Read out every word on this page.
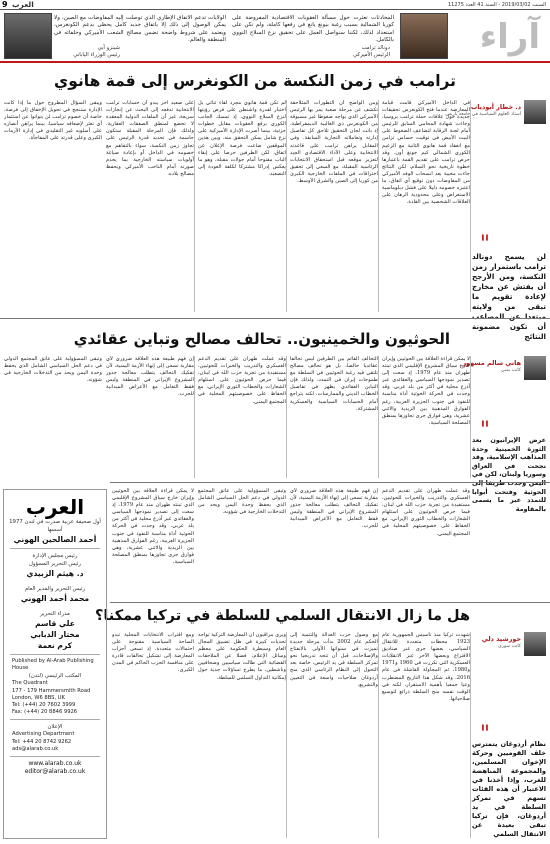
9 العرب	السبت 2019/03/02 - السنة 41 العدد 11275
الولايات تدعم الاتفاق الإطاري الذي توصلت إليه المفاوضات مع الصين، ولا يمكن الوصول إلى ذلك إلا باتفاق جديد كامل يحظى بدعم الكونغرس، ويعتمد على شروط واضحة تضمن مصالح الشعب الأميركي وحلفائه في المنطقة والعالم.
شينزو آبي
رئيس الوزراء الياباني
المحادثات تعثرت حول مسألة العقوبات الاقتصادية المفروضة على كوريا الشمالية بسبب رغبة بيونغ يانغ في رفعها كاملة، ولم نكن على استعداد لذلك، لكننا سنواصل العمل على تحقيق نزع السلاح النووي بالكامل.
دونالد ترامب
الرئيس الأميركي	آراء
ترامب في زمن النكسة من الكونغرس إلى قمة هانوي
د. خطار أبودياب
أستاذ العلوم السياسية في جامعة باريس
"
لن يسمح دونالد ترامب باستمرار زمن النكسة، ومن الأرجح أن يفتش عن مخارج لإعادة تقويم ما تبقى من ولايته مبتعدا عن المصاعب أن تكون مضمونة النتائج
في الداخل الأميركي قامت قيامة المعارضة عندما فتح الكونغرس تحقيقات جديدة حول علاقات حملة ترامب بروسيا، وجاءت شهادة المحامي السابق للرئيس أمام لجنة الرقابة لتضاعف الضغوط على البيت الأبيض في توقيت حساس تزامن مع انعقاد قمة هانوي الثانية مع الزعيم الكوري الشمالي كيم جونغ أون. وقد حرص ترامب على تقديم القمة باعتبارها خطوة تاريخية نحو السلام، لكن النتائج جاءت مخيبة بعد انسحاب الوفد الأميركي من المفاوضات دون توقيع أي اتفاق، ما اعتبره خصومه دليلا على فشل دبلوماسية الاستعراض وعلى محدودية الرهان على العلاقات الشخصية بين القادة.
ومن الواضح أن التطورات المتلاحقة تكشف عن مرحلة صعبة يمر بها الرئيس الأميركي الذي يواجه ضغوطا غير مسبوقة من الكونغرس ذي الغالبية الديمقراطية، إذ باتت لجان التحقيق تلاحق كل تفاصيل إدارته وتعاملاته التجارية السابقة. وفي المقابل يراهن ترامب على قاعدته الانتخابية وعلى الأداء الاقتصادي الجيد لتعزيز موقعه قبل استحقاق الانتخابات الرئاسية المقبلة، مع السعي إلى تحقيق اختراقات في الملفات الخارجية الكبرى من كوريا إلى الصين والشرق الأوسط.
لم تكن قمة هانوي مجرد لقاء ثنائي بل اختبار لقدرة واشنطن على فرض رؤيتها لنزع السلاح النووي، إذ تمسك الجانب الكوري برفع العقوبات مقابل خطوات جزئية، بينما أصرت الإدارة الأميركية على نزع شامل يمكن التحقق منه. وبين هذين الموقفين ضاعت فرصة الإعلان عن اتفاق، لكن الطرفين حرصا على إبقاء الباب مفتوحا أمام جولات مقبلة، وهو ما يعكس إدراكا مشتركا لكلفة العودة إلى التصعيد.
على صعيد آخر يبدو أن حسابات ترامب الانتخابية تدفعه إلى البحث عن إنجازات سريعة، غير أن الملفات الدولية المعقدة لا تخضع لمنطق الصفقات العقارية. ولذلك فإن المرحلة المقبلة ستكون حاسمة في تحديد قدرة الرئيس على تجاوز زمن النكسة، سواء بالتفاهم مع خصومه في الداخل أو بإعادة صياغة أولويات سياسته الخارجية بما يخدم صورته أمام الناخب الأميركي ويحفظ مصالح بلاده.
ويبقى السؤال المطروح حول ما إذا كانت الإدارة ستنجح في تحويل الإخفاق إلى فرصة، خاصة أن خصوم ترامب لن يتوانوا عن استثمار أي تعثر لإضعافه سياسيا، بينما يراهن أنصاره على أسلوبه غير التقليدي في إدارة الأزمات الكبرى وعلى قدرته على المفاجأة.
الحوثيون والخمينيون.. تحالف مصالح وتباين عقائدي
هاني سالم مسهور
كاتب يمني
"
عرض الإيرانيون بعد الثورة الخمينية وحدة المذاهب الإسلامية، وقد نجحت في العراق وسوريا ولبنان، لكن في اليمن وجدت طريقا إلى الحوثية وفتحت أبوابا للتمدد عبر ما يسمى بالمقاومة
لا يمكن قراءة العلاقة بين الحوثيين وإيران خارج سياق المشروع الإقليمي الذي تبنته طهران منذ عام 1979، إذ سعت إلى تصدير نموذجها السياسي والعقائدي عبر أذرع محلية في أكثر من بلد عربي. وقد وجدت في الحركة الحوثية أداة مناسبة للنفوذ في جنوب الجزيرة العربية، رغم الفوارق المذهبية بين الزيدية والاثني عشرية، وهي فوارق جرى تجاوزها بمنطق المصلحة السياسية.
التحالف القائم بين الطرفين ليس تحالفا عقائديا خالصا، بل هو تحالف مصالح تلتقي فيه رغبة الحوثيين في السلطة مع طموحات إيران في التمدد، ولذلك فإن التباين العقائدي يظهر في تفاصيل الخطاب الديني والممارسات، لكنه يتراجع أمام الحسابات السياسية والعسكرية المشتركة.
وقد عملت طهران على تقديم الدعم العسكري والتدريب والخبرات للحوثيين، مستفيدة من تجربة حزب الله في لبنان، فيما حرص الحوثيون على استلهام الشعارات والخطاب الثوري الإيراني، مع الحفاظ على خصوصيتهم المحلية في المجتمع اليمني.
إن فهم طبيعة هذه العلاقة ضروري لأي مقاربة تسعى إلى إنهاء الأزمة اليمنية، لأن تفكيك التحالف يتطلب معالجة جذور المشروع الإيراني في المنطقة وليس فقط التعامل مع الأعراض الميدانية للحرب.
وتبقى المسؤولية على عاتق المجتمع الدولي في دعم الحل السياسي الشامل الذي يحفظ وحدة اليمن ويحد من التدخلات الخارجية في شؤونه.
هل ما زال الانتقال السلمي للسلطة في تركيا ممكنا؟
خورشيد دلي
كاتب سوري
"
نظام أردوغان يتمترس خلف القوميين وحركة الإخوان المسلمين، والمجموعة المناهضة للغرب، وإذا أخذنا في الاعتبار أن هذه الفئات تسهم في تمركز السلطة في يد أردوغان، فإن تركيا تبقى بعيدة عن الانتقال السلمي
وقد عملت طهران على تقديم الدعم العسكري والتدريب والخبرات للحوثيين، مستفيدة من تجربة حزب الله في لبنان، فيما حرص الحوثيون على استلهام الشعارات والخطاب الثوري الإيراني، مع الحفاظ على خصوصيتهم المحلية في المجتمع اليمني.
إن فهم طبيعة هذه العلاقة ضروري لأي مقاربة تسعى إلى إنهاء الأزمة اليمنية، لأن تفكيك التحالف يتطلب معالجة جذور المشروع الإيراني في المنطقة وليس فقط التعامل مع الأعراض الميدانية للحرب.
وتبقى المسؤولية على عاتق المجتمع الدولي في دعم الحل السياسي الشامل الذي يحفظ وحدة اليمن ويحد من التدخلات الخارجية في شؤونه.
لا يمكن قراءة العلاقة بين الحوثيين وإيران خارج سياق المشروع الإقليمي الذي تبنته طهران منذ عام 1979، إذ سعت إلى تصدير نموذجها السياسي والعقائدي عبر أذرع محلية في أكثر من بلد عربي. وقد وجدت في الحركة الحوثية أداة مناسبة للنفوذ في جنوب الجزيرة العربية، رغم الفوارق المذهبية بين الزيدية والاثني عشرية، وهي فوارق جرى تجاوزها بمنطق المصلحة السياسية.
شهدت تركيا منذ تأسيس الجمهورية عام 1923 محطات متعددة للانتقال السياسي، بعضها جرى عبر صناديق الاقتراع وبعضها الآخر عبر الانقلابات العسكرية التي تكررت في 1960 و1971 و1980، ثم المحاولة الفاشلة في عام 2016. وقد شكل هذا التاريخ المضطرب وعيا جمعيا بأهمية الاستقرار، لكنه في الوقت نفسه منح السلطة ذرائع لتوسيع صلاحياتها.
مع وصول حزب العدالة والتنمية إلى الحكم عام 2002 بدأت مرحلة جديدة تميزت في سنواتها الأولى بالانفتاح والإصلاحات، قبل أن تتجه تدريجيا نحو تمركز السلطة في يد الرئيس، خاصة بعد التحول إلى النظام الرئاسي الذي منح أردوغان صلاحيات واسعة في التعيين والتشريع.
ويرى مراقبون أن المعارضة التركية تواجه تحديات كبيرة في ظل تضييق المجال العام وسيطرة الحكومة على معظم وسائل الإعلام، فضلا عن الملاحقات القضائية التي طالت سياسيين وصحافيين وناشطين، ما يطرح تساؤلات جدية حول إمكانية التداول السلمي للسلطة.
ومع اقتراب الانتخابات المحلية تبدو الساحة السياسية مفتوحة على احتمالات متعددة، إذ تسعى أحزاب المعارضة إلى تشكيل تحالفات قادرة على منافسة الحزب الحاكم في المدن الكبرى.
العرب
أول صحيفة عربية صدرت في لندن 1977
أسسها
أحمد الصالحين الهوني
رئيس مجلس الإدارة
رئيس التحرير المسؤول
د. هيثم الزبيدي
رئيس التحرير والمدير العام
محمد أحمد الهوني
مدراء التحرير
علي قاسم
مختار الدبابي
كرم نعمة
Published by Al-Arab Publishing House
المكتب الرئيسي (لندن)
The Quadrant
177 - 179 Hammersmith Road
London, W6 8BS, UK
Tel: (+44) 20 7602 3999
Fax: (+44) 20 8846 9926
الإعلان
Advertising Department
Tel: +44 20 8742 9262
ads@alarab.co.uk
www.alarab.co.uk
editor@alarab.co.uk
